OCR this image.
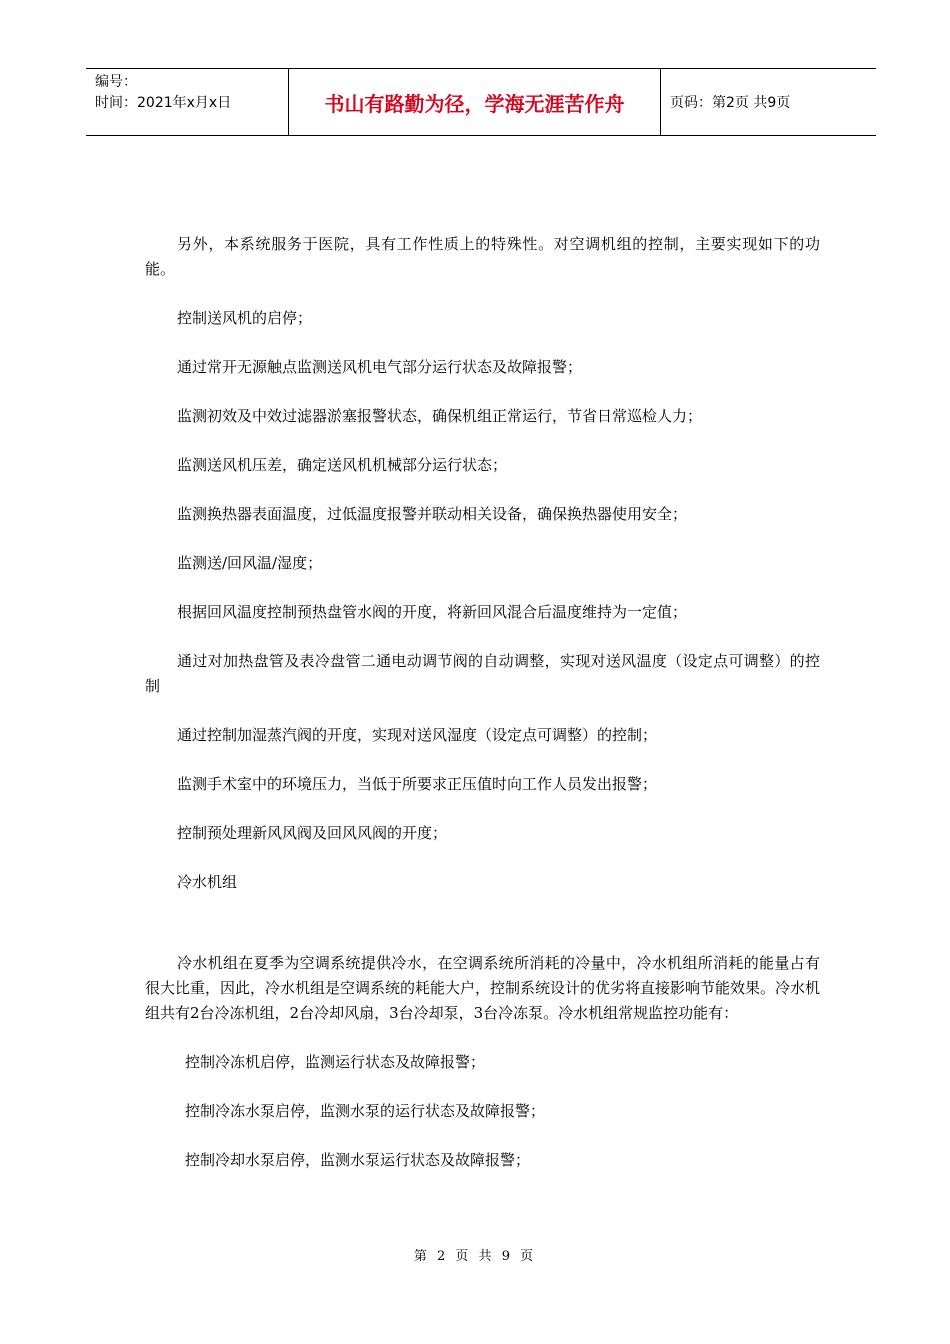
编号：
时间：2021年x月x日	书山有路勤为径，学海无涯苦作舟	页码：第2页 共9页

另外，本系统服务于医院，具有工作性质上的特殊性。对空调机组的控制，主要实现如下的功能。

控制送风机的启停；

通过常开无源触点监测送风机电气部分运行状态及故障报警；

监测初效及中效过滤器淤塞报警状态，确保机组正常运行，节省日常巡检人力；

监测送风机压差，确定送风机机械部分运行状态；

监测换热器表面温度，过低温度报警并联动相关设备，确保换热器使用安全；

监测送/回风温/湿度；

根据回风温度控制预热盘管水阀的开度，将新回风混合后温度维持为一定值；

通过对加热盘管及表冷盘管二通电动调节阀的自动调整，实现对送风温度（设定点可调整）的控制

通过控制加湿蒸汽阀的开度，实现对送风湿度（设定点可调整）的控制；

监测手术室中的环境压力，当低于所要求正压值时向工作人员发出报警；

控制预处理新风风阀及回风风阀的开度；

冷水机组

冷水机组在夏季为空调系统提供冷水，在空调系统所消耗的冷量中，冷水机组所消耗的能量占有很大比重，因此，冷水机组是空调系统的耗能大户，控制系统设计的优劣将直接影响节能效果。冷水机组共有2台冷冻机组，2台冷却风扇，3台冷却泵，3台冷冻泵。冷水机组常规监控功能有：

控制冷冻机启停，监测运行状态及故障报警；

控制冷冻水泵启停，监测水泵的运行状态及故障报警；

控制冷却水泵启停，监测水泵运行状态及故障报警；

第 2 页 共 9 页
